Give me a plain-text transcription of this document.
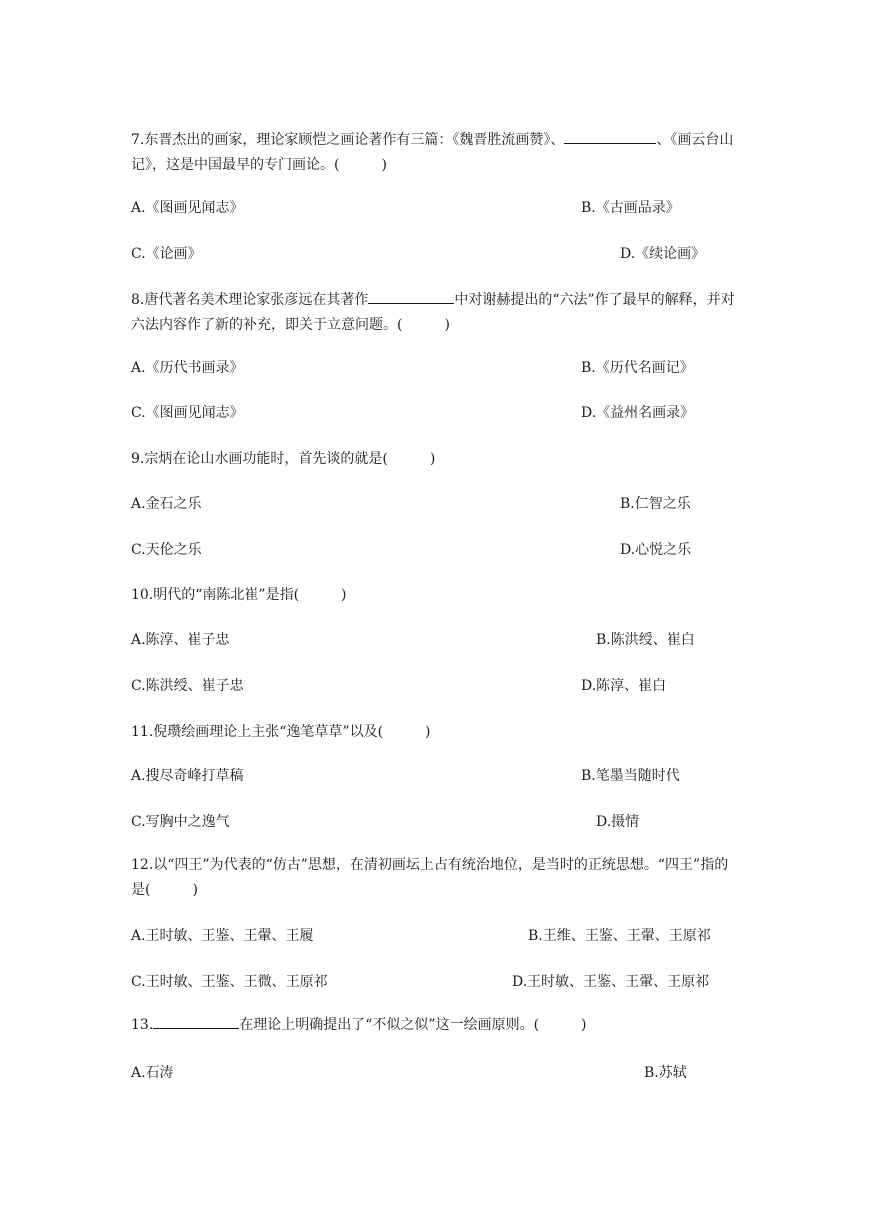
7.东晋杰出的画家，理论家顾恺之画论著作有三篇：《魏晋胜流画赞》、	、《画云台山记》，这是中国最早的专门画论。(　　　)

A.《图画见闻志》	B.《古画品录》
C.《论画》	D.《续论画》

8.唐代著名美术理论家张彦远在其著作	中对谢赫提出的“六法”作了最早的解释，并对六法内容作了新的补充，即关于立意问题。(　　　)

A.《历代书画录》	B.《历代名画记》
C.《图画见闻志》	D.《益州名画录》

9.宗炳在论山水画功能时，首先谈的就是(　　　)

A.金石之乐	B.仁智之乐
C.天伦之乐	D.心悦之乐

10.明代的“南陈北崔”是指(　　　)

A.陈淳、崔子忠	B.陈洪绶、崔白
C.陈洪绶、崔子忠	D.陈淳、崔白

11.倪瓒绘画理论上主张“逸笔草草”以及(　　　)

A.搜尽奇峰打草稿	B.笔墨当随时代
C.写胸中之逸气	D.摄情

12.以“四王”为代表的“仿古”思想，在清初画坛上占有统治地位，是当时的正统思想。“四王”指的是(　　　)

A.王时敏、王鉴、王翬、王履	B.王维、王鉴、王翬、王原祁
C.王时敏、王鉴、王微、王原祁	D.王时敏、王鉴、王翬、王原祁

13.	在理论上明确提出了“不似之似”这一绘画原则。(　　　)

A.石涛	B.苏轼
